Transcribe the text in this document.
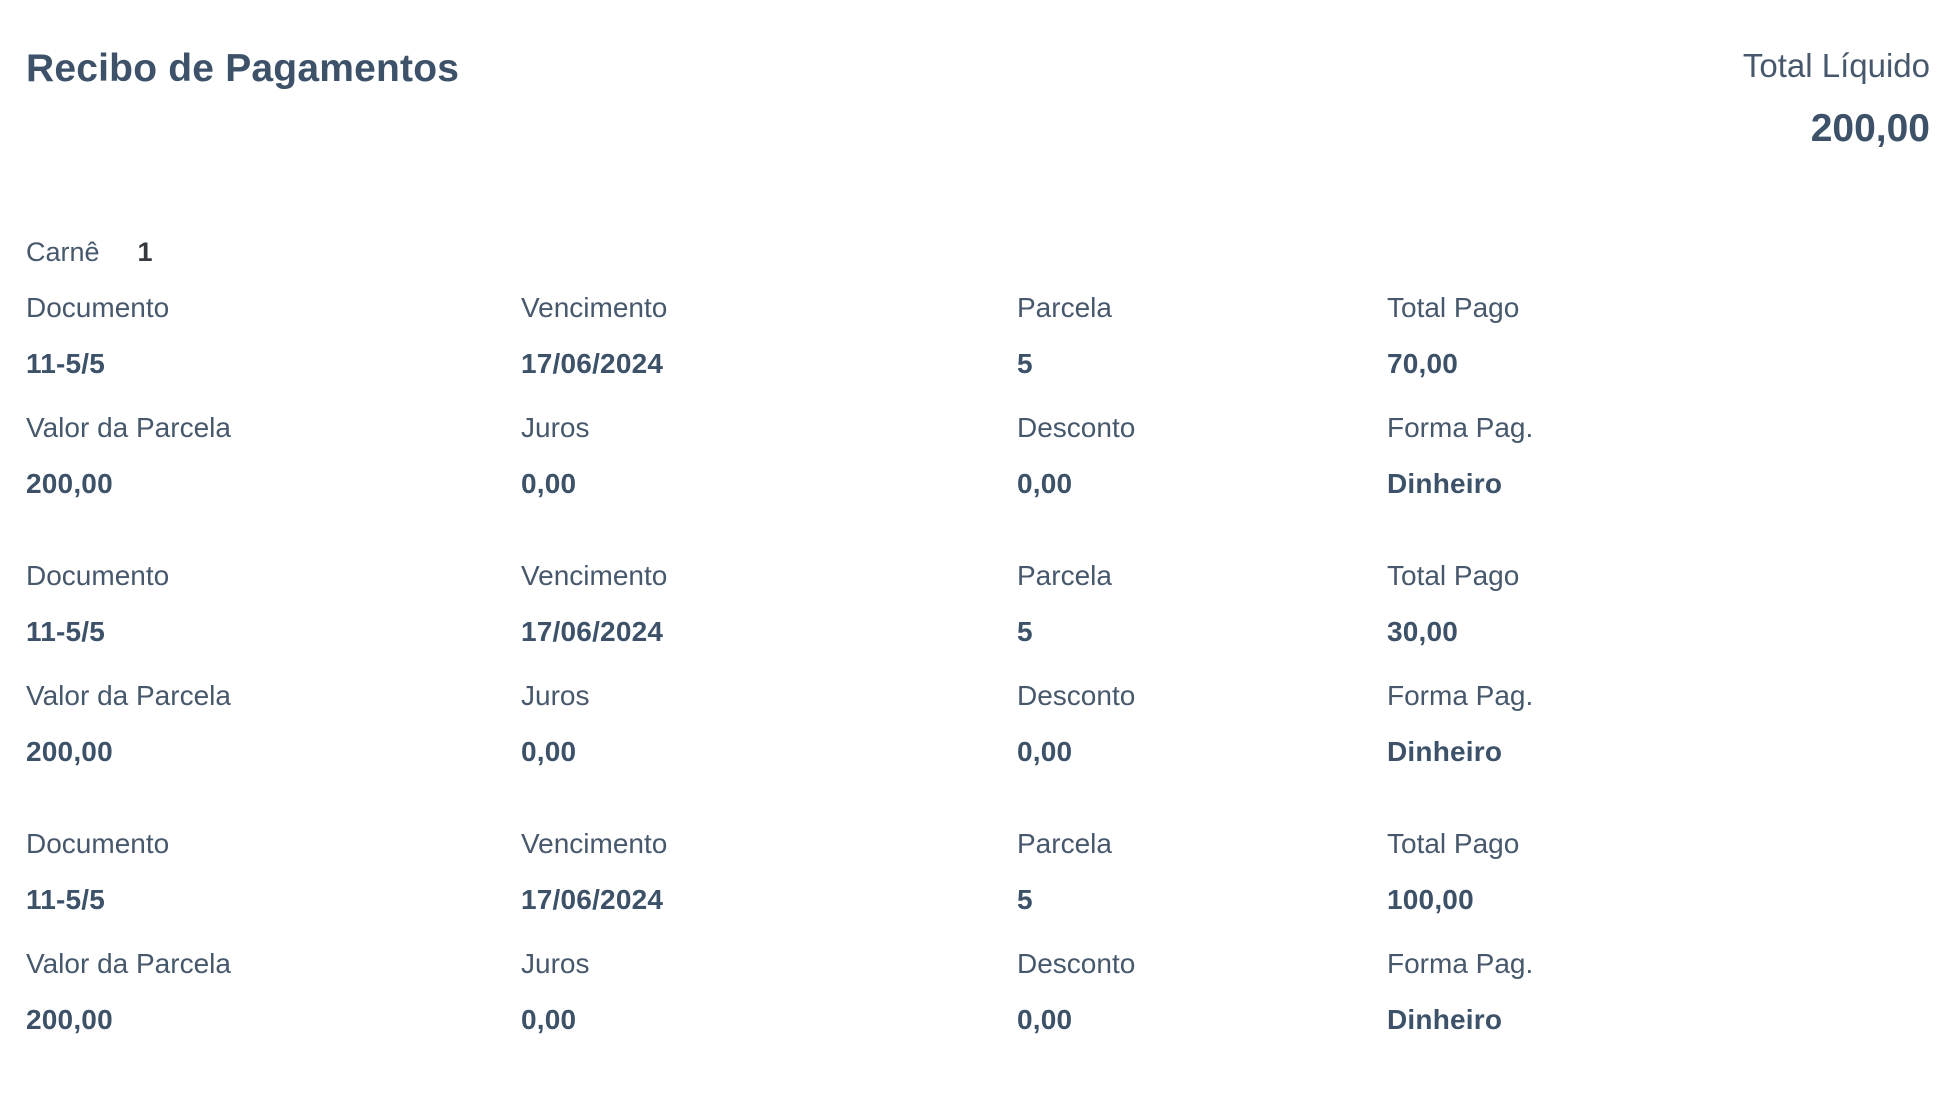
Recibo de Pagamentos	Total Líquido
200,00
Carnê 1
Documento
11-5/5
Vencimento
17/06/2024
Parcela
5
Total Pago
70,00
Valor da Parcela
200,00
Juros
0,00
Desconto
0,00
Forma Pag.
Dinheiro
Documento
11-5/5
Vencimento
17/06/2024
Parcela
5
Total Pago
30,00
Valor da Parcela
200,00
Juros
0,00
Desconto
0,00
Forma Pag.
Dinheiro
Documento
11-5/5
Vencimento
17/06/2024
Parcela
5
Total Pago
100,00
Valor da Parcela
200,00
Juros
0,00
Desconto
0,00
Forma Pag.
Dinheiro
